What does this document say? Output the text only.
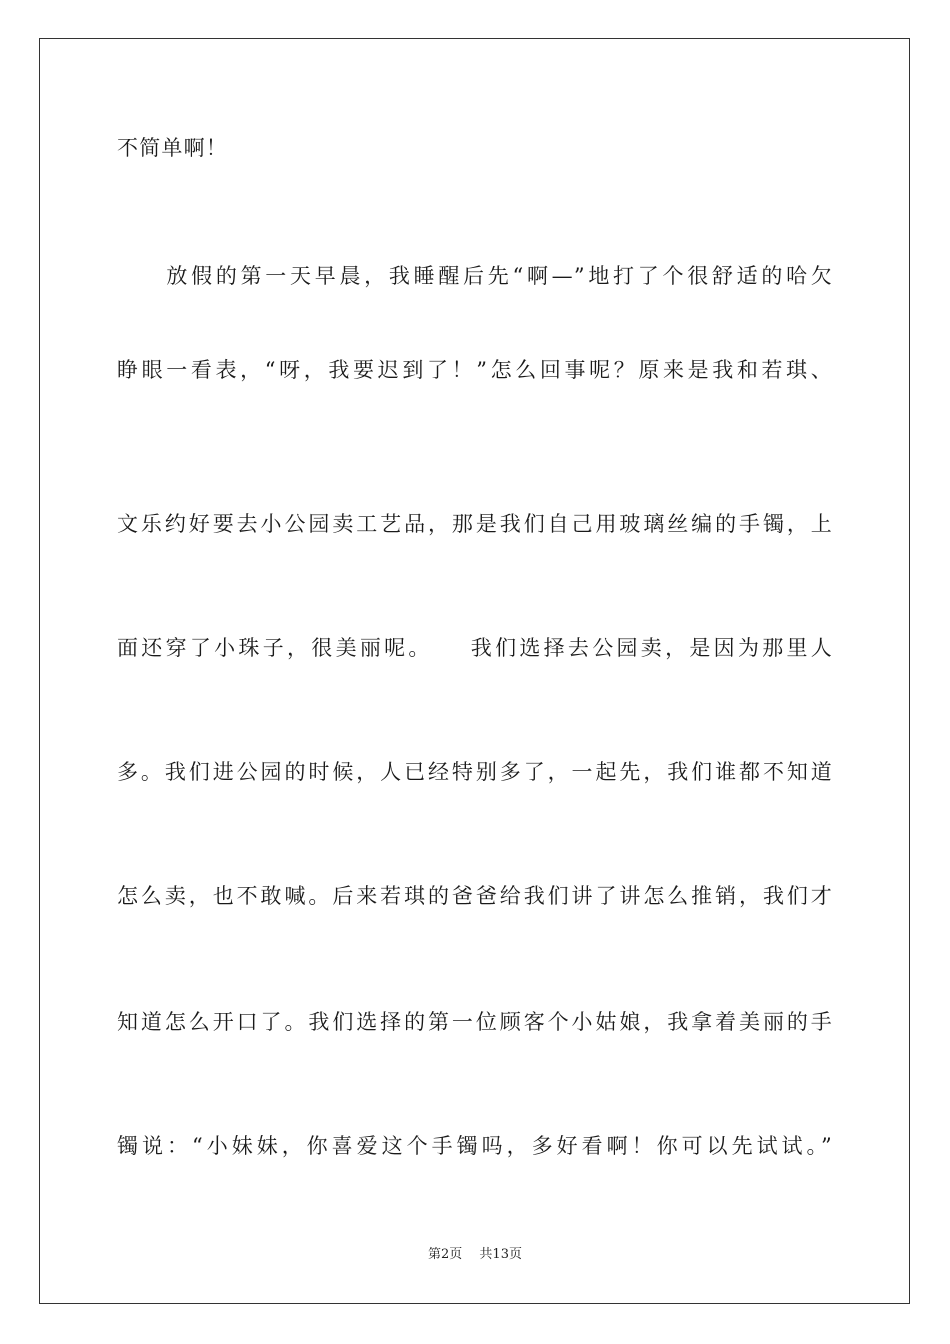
不简单啊！
　　放假的第一天早晨，我睡醒后先“啊—”地打了个很舒适的哈欠
睁眼一看表，“呀，我要迟到了！”怎么回事呢？原来是我和若琪、
文乐约好要去小公园卖工艺品，那是我们自己用玻璃丝编的手镯，上
面还穿了小珠子，很美丽呢。　　我们选择去公园卖，是因为那里人
多。我们进公园的时候，人已经特别多了，一起先，我们谁都不知道
怎么卖，也不敢喊。后来若琪的爸爸给我们讲了讲怎么推销，我们才
知道怎么开口了。我们选择的第一位顾客个小姑娘，我拿着美丽的手
镯说：“小妹妹，你喜爱这个手镯吗，多好看啊！你可以先试试。”
第2页　 共13页
